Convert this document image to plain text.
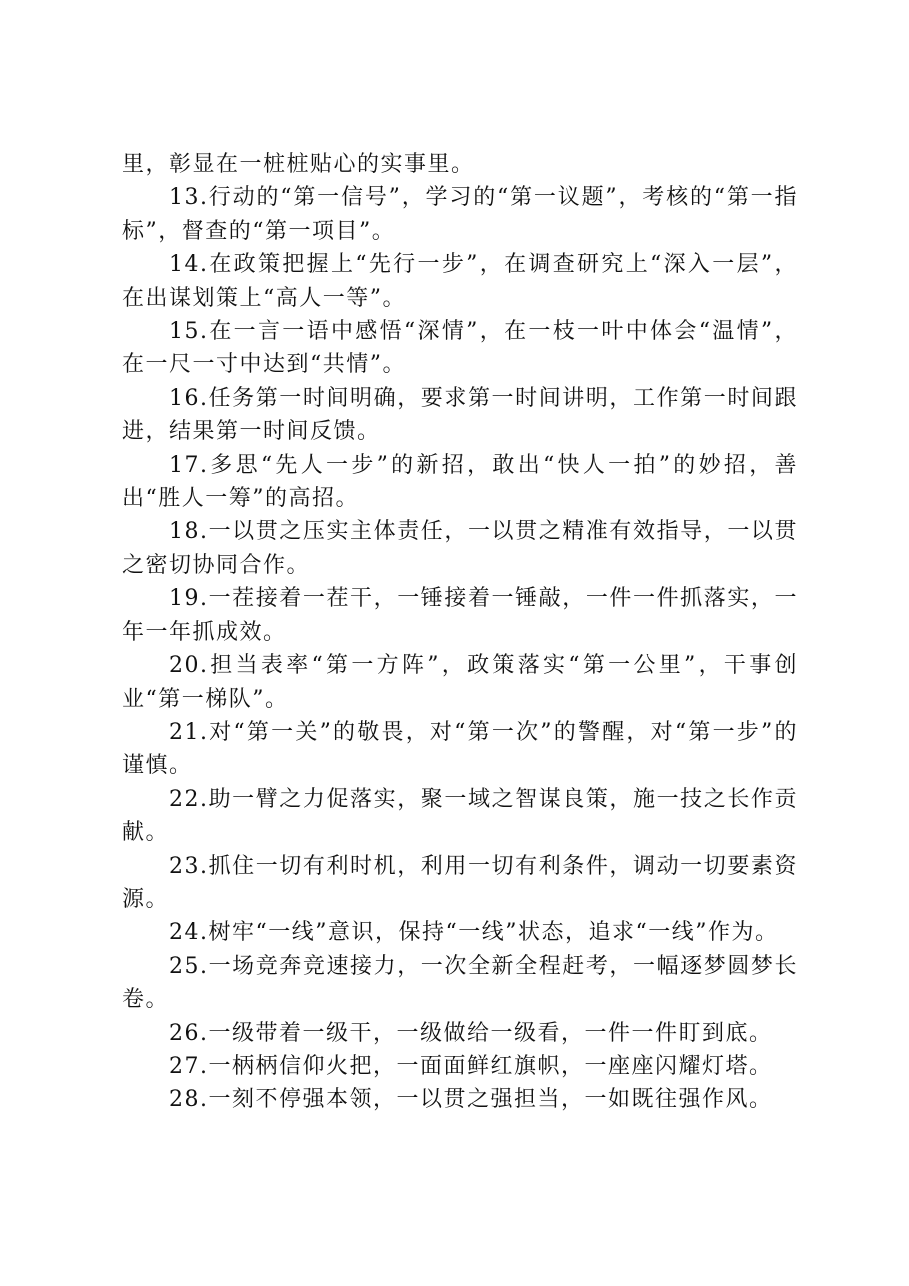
里，彰显在一桩桩贴心的实事里。

13.行动的“第一信号”，学习的“第一议题”，考核的“第一指标”，督查的“第一项目”。

14.在政策把握上“先行一步”，在调查研究上“深入一层”，在出谋划策上“高人一等”。

15.在一言一语中感悟“深情”，在一枝一叶中体会“温情”，在一尺一寸中达到“共情”。

16.任务第一时间明确，要求第一时间讲明，工作第一时间跟进，结果第一时间反馈。

17.多思“先人一步”的新招，敢出“快人一拍”的妙招，善出“胜人一筹”的高招。

18.一以贯之压实主体责任，一以贯之精准有效指导，一以贯之密切协同合作。

19.一茬接着一茬干，一锤接着一锤敲，一件一件抓落实，一年一年抓成效。

20.担当表率“第一方阵”，政策落实“第一公里”，干事创业“第一梯队”。

21.对“第一关”的敬畏，对“第一次”的警醒，对“第一步”的谨慎。

22.助一臂之力促落实，聚一域之智谋良策，施一技之长作贡献。

23.抓住一切有利时机，利用一切有利条件，调动一切要素资源。

24.树牢“一线”意识，保持“一线”状态，追求“一线”作为。

25.一场竞奔竞速接力，一次全新全程赶考，一幅逐梦圆梦长卷。

26.一级带着一级干，一级做给一级看，一件一件盯到底。

27.一柄柄信仰火把，一面面鲜红旗帜，一座座闪耀灯塔。

28.一刻不停强本领，一以贯之强担当，一如既往强作风。
